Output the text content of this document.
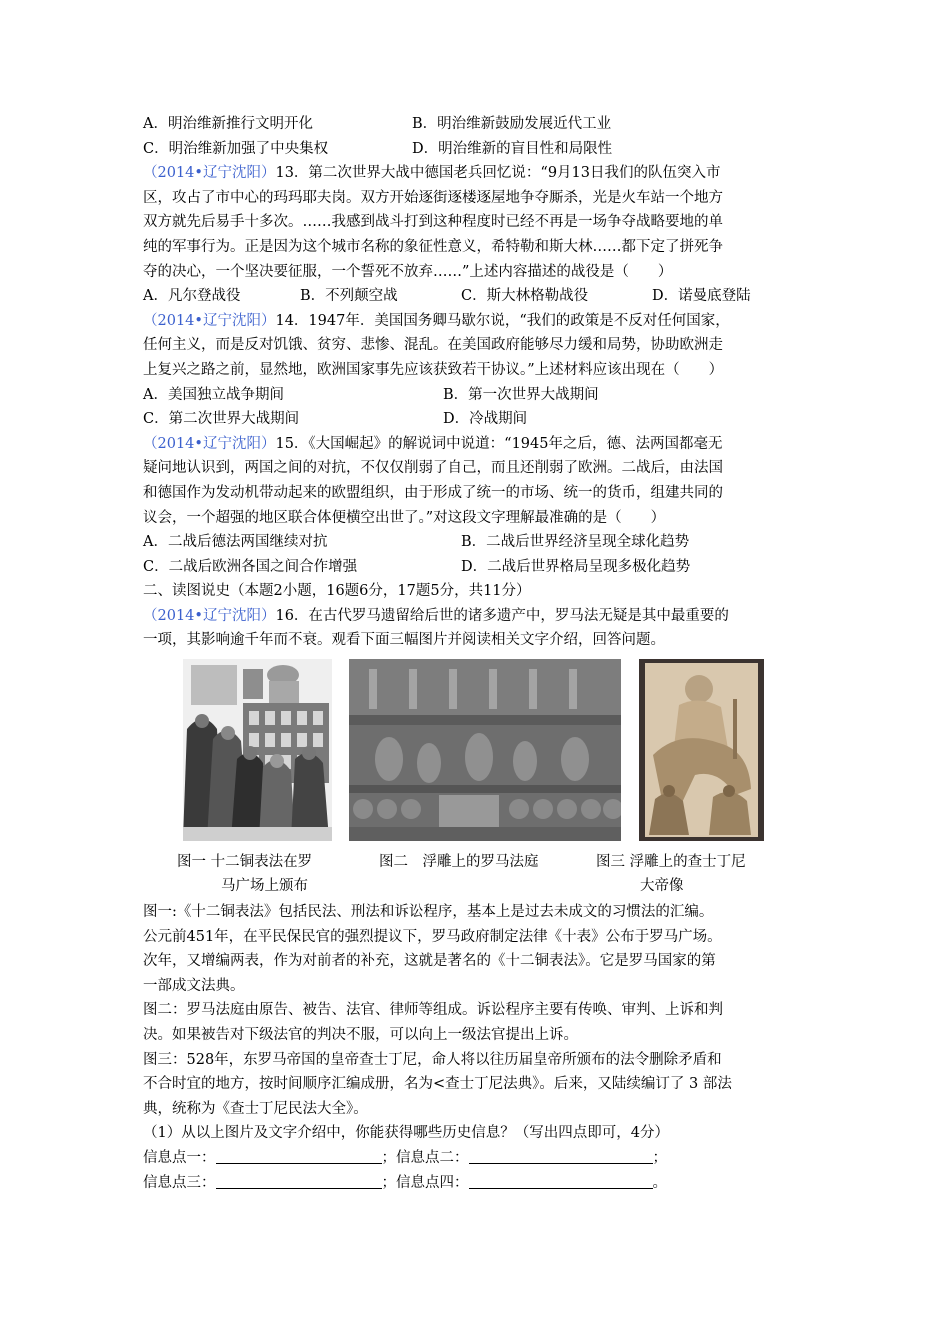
A．明治维新推行文明开化	B．明治维新鼓励发展近代工业
C．明治维新加强了中央集权	D．明治维新的盲目性和局限性
（2014•辽宁沈阳）13．第二次世界大战中德国老兵回忆说：“9月13日我们的队伍突入市
区，攻占了市中心的玛玛耶夫岗。双方开始逐街逐楼逐屋地争夺厮杀，光是火车站一个地方
双方就先后易手十多次。……我感到战斗打到这种程度时已经不再是一场争夺战略要地的单
纯的军事行为。正是因为这个城市名称的象征性意义，希特勒和斯大林……都下定了拼死争
夺的决心，一个坚决要征服，一个誓死不放弃……”上述内容描述的战役是（　　）
A．凡尔登战役	B．不列颠空战	C．斯大林格勒战役	D．诺曼底登陆
（2014•辽宁沈阳）14．1947年．美国国务卿马歇尔说，“我们的政策是不反对任何国家，
任何主义，而是反对饥饿、贫穷、悲惨、混乱。在美国政府能够尽力缓和局势，协助欧洲走
上复兴之路之前，显然地，欧洲国家事先应该获致若干协议。”上述材料应该出现在（　　）
A．美国独立战争期间	B．第一次世界大战期间
C．第二次世界大战期间	D．冷战期间
（2014•辽宁沈阳）15．《大国崛起》的解说词中说道：“1945年之后，德、法两国都毫无
疑问地认识到，两国之间的对抗，不仅仅削弱了自己，而且还削弱了欧洲。二战后，由法国
和德国作为发动机带动起来的欧盟组织，由于形成了统一的市场、统一的货币，组建共同的
议会，一个超强的地区联合体便横空出世了。”对这段文字理解最准确的是（　　）
A．二战后德法两国继续对抗	B．二战后世界经济呈现全球化趋势
C．二战后欧洲各国之间合作增强	D．二战后世界格局呈现多极化趋势
二、读图说史（本题2小题，16题6分，17题5分，共11分）
（2014•辽宁沈阳）16．在古代罗马遗留给后世的诸多遗产中，罗马法无疑是其中最重要的
一项，其影响逾千年而不衰。观看下面三幅图片并阅读相关文字介绍，回答问题。
图一 十二铜表法在罗
马广场上颁布
图二　浮雕上的罗马法庭	图三 浮雕上的查士丁尼
大帝像
图一:《十二铜表法》包括民法、刑法和诉讼程序，基本上是过去未成文的习惯法的汇编。
公元前451年，在平民保民官的强烈提议下，罗马政府制定法律《十表》公布于罗马广场。
次年，又增编两表，作为对前者的补充，这就是著名的《十二铜表法》。它是罗马国家的第
一部成文法典。
图二：罗马法庭由原告、被告、法官、律师等组成。诉讼程序主要有传唤、审判、上诉和判
决。如果被告对下级法官的判决不服，可以向上一级法官提出上诉。
图三：528年，东罗马帝国的皇帝查士丁尼，命人将以往历届皇帝所颁布的法令删除矛盾和
不合时宜的地方，按时间顺序汇编成册，名为<查士丁尼法典》。后来，又陆续编订了 3 部法
典，统称为《查士丁尼民法大全》。
（1）从以上图片及文字介绍中，你能获得哪些历史信息？（写出四点即可，4分）
信息点一：	；信息点二：	；
信息点三：	；信息点四：	。
